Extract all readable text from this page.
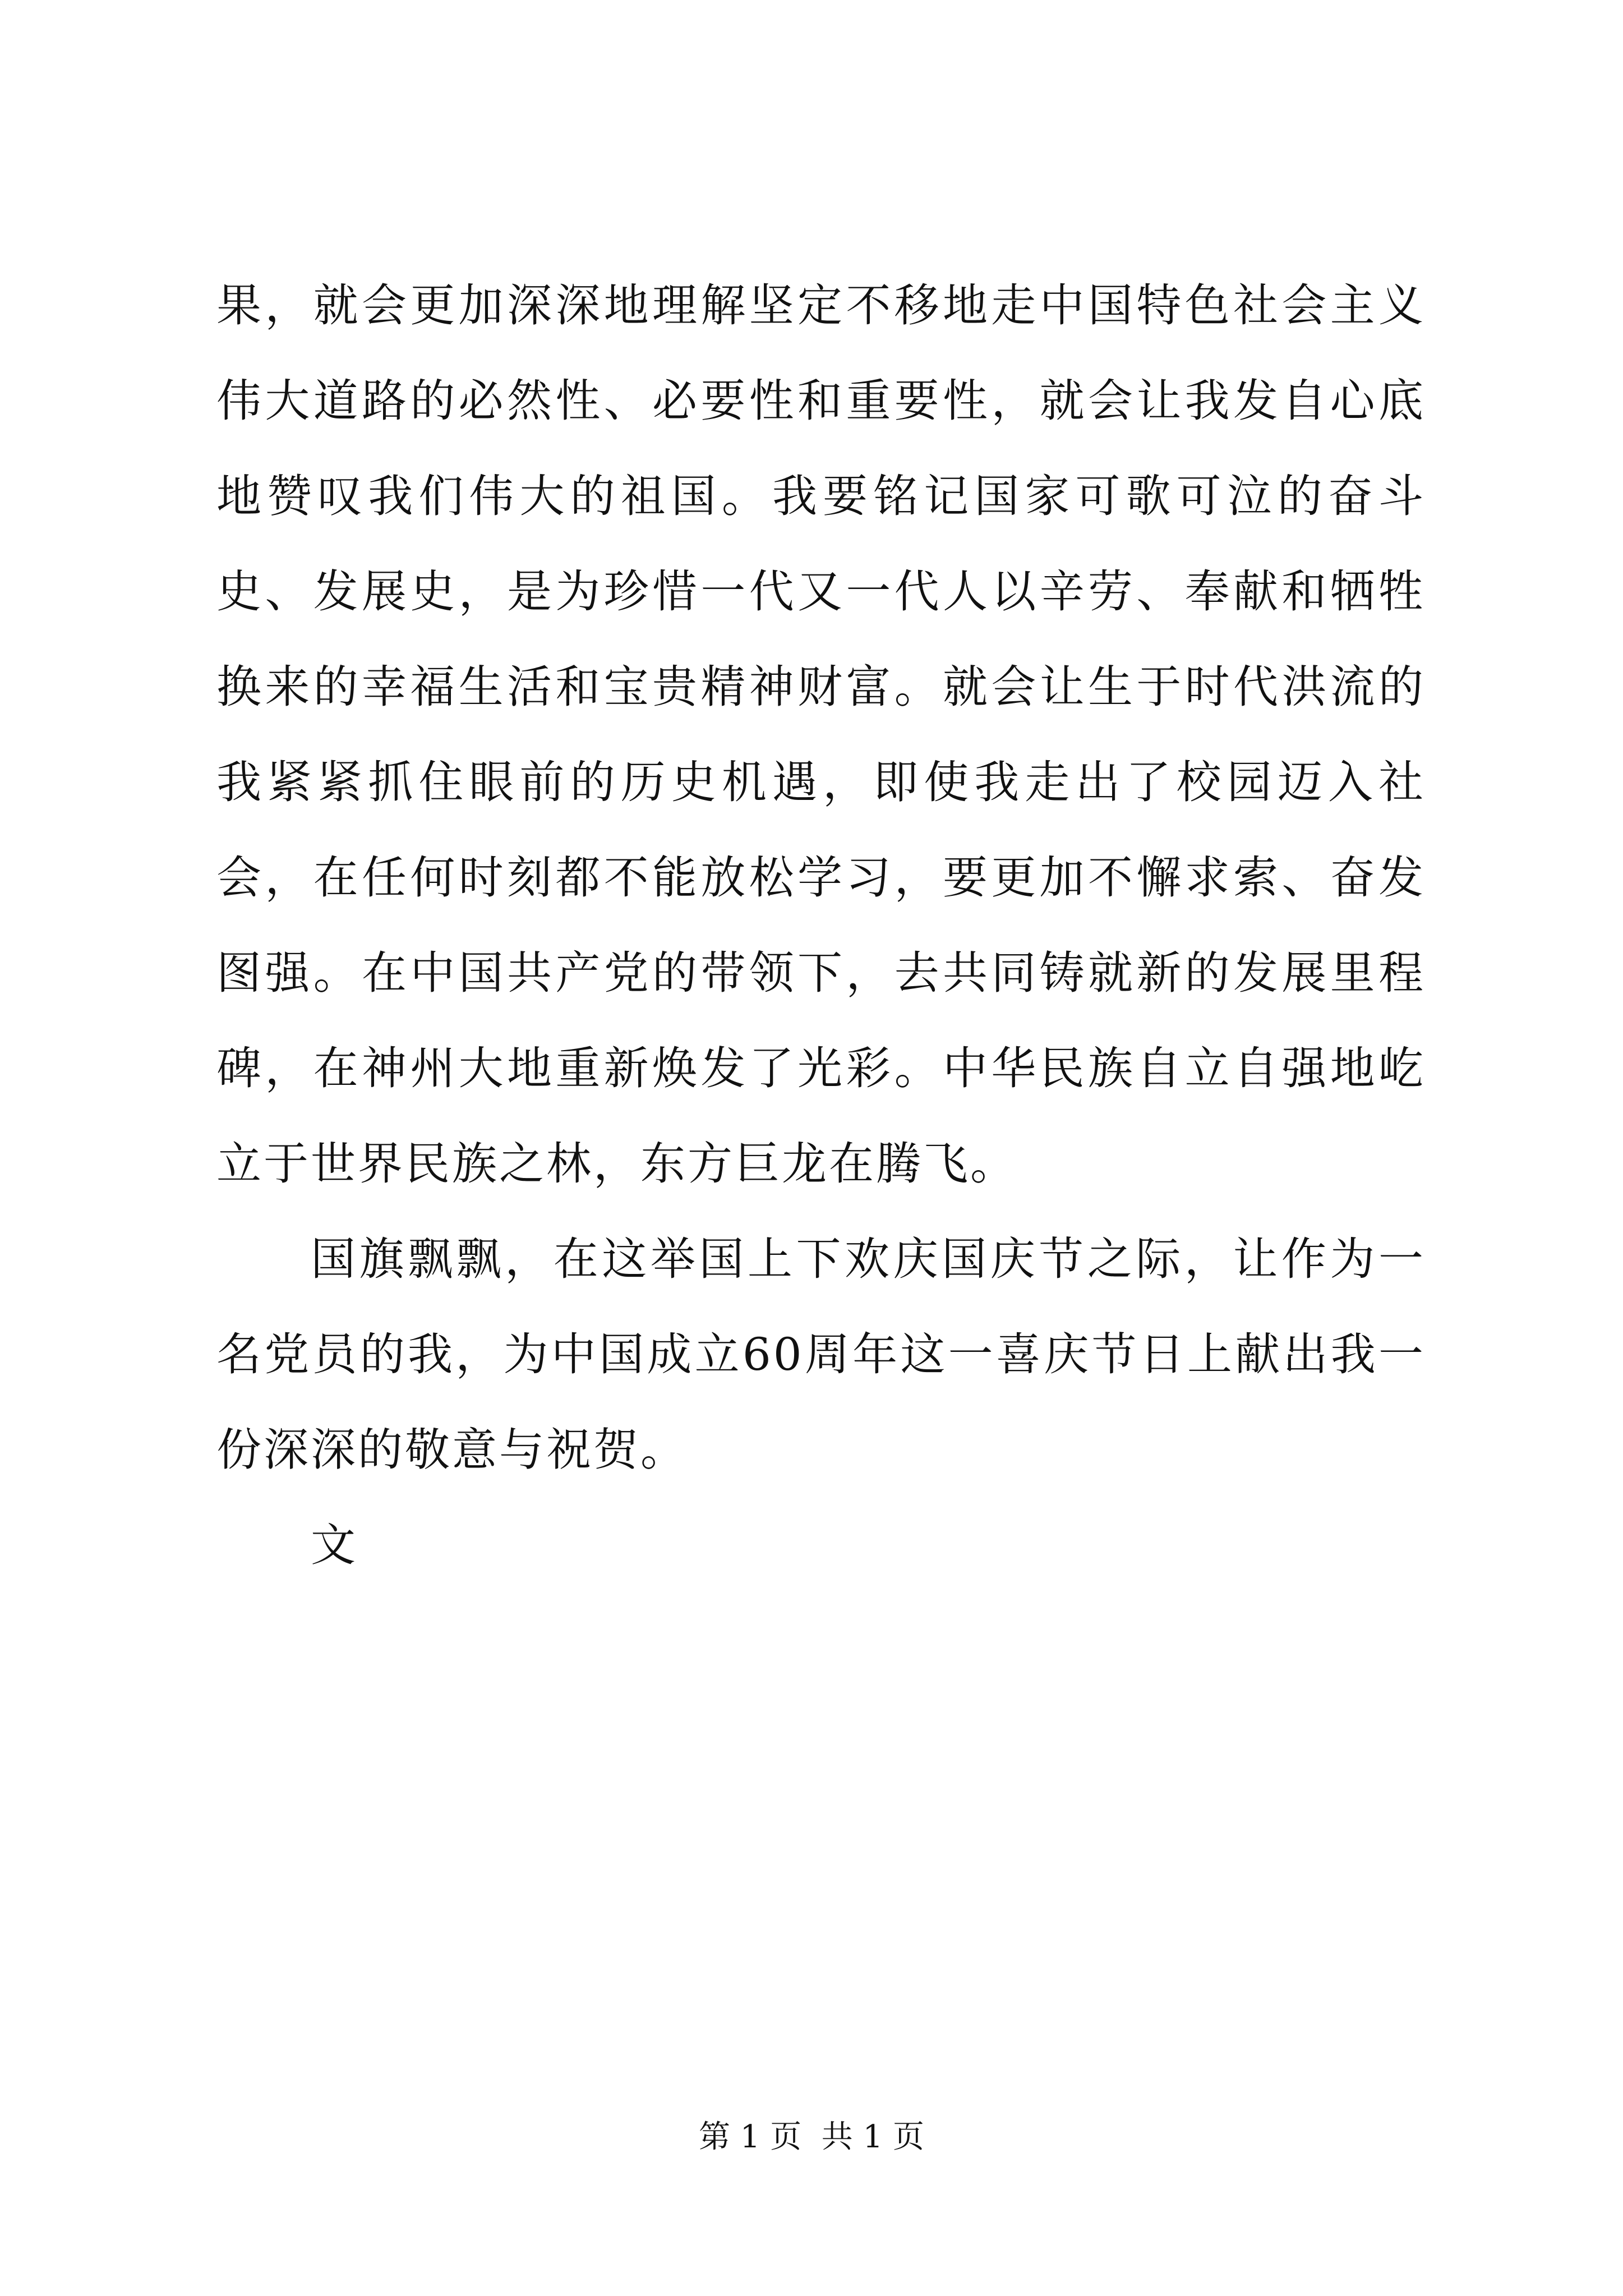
果，就会更加深深地理解坚定不移地走中国特色社会主义伟大道路的必然性、必要性和重要性，就会让我发自心底地赞叹我们伟大的祖国。我要铭记国家可歌可泣的奋斗史、发展史，是为珍惜一代又一代人以辛劳、奉献和牺牲换来的幸福生活和宝贵精神财富。就会让生于时代洪流的我紧紧抓住眼前的历史机遇，即使我走出了校园迈入社会，在任何时刻都不能放松学习，要更加不懈求索、奋发图强。在中国共产党的带领下，去共同铸就新的发展里程碑，在神州大地重新焕发了光彩。中华民族自立自强地屹立于世界民族之林，东方巨龙在腾飞。

国旗飘飘，在这举国上下欢庆国庆节之际，让作为一名党员的我，为中国成立60周年这一喜庆节日上献出我一份深深的敬意与祝贺。

文

第 1 页  共 1 页
